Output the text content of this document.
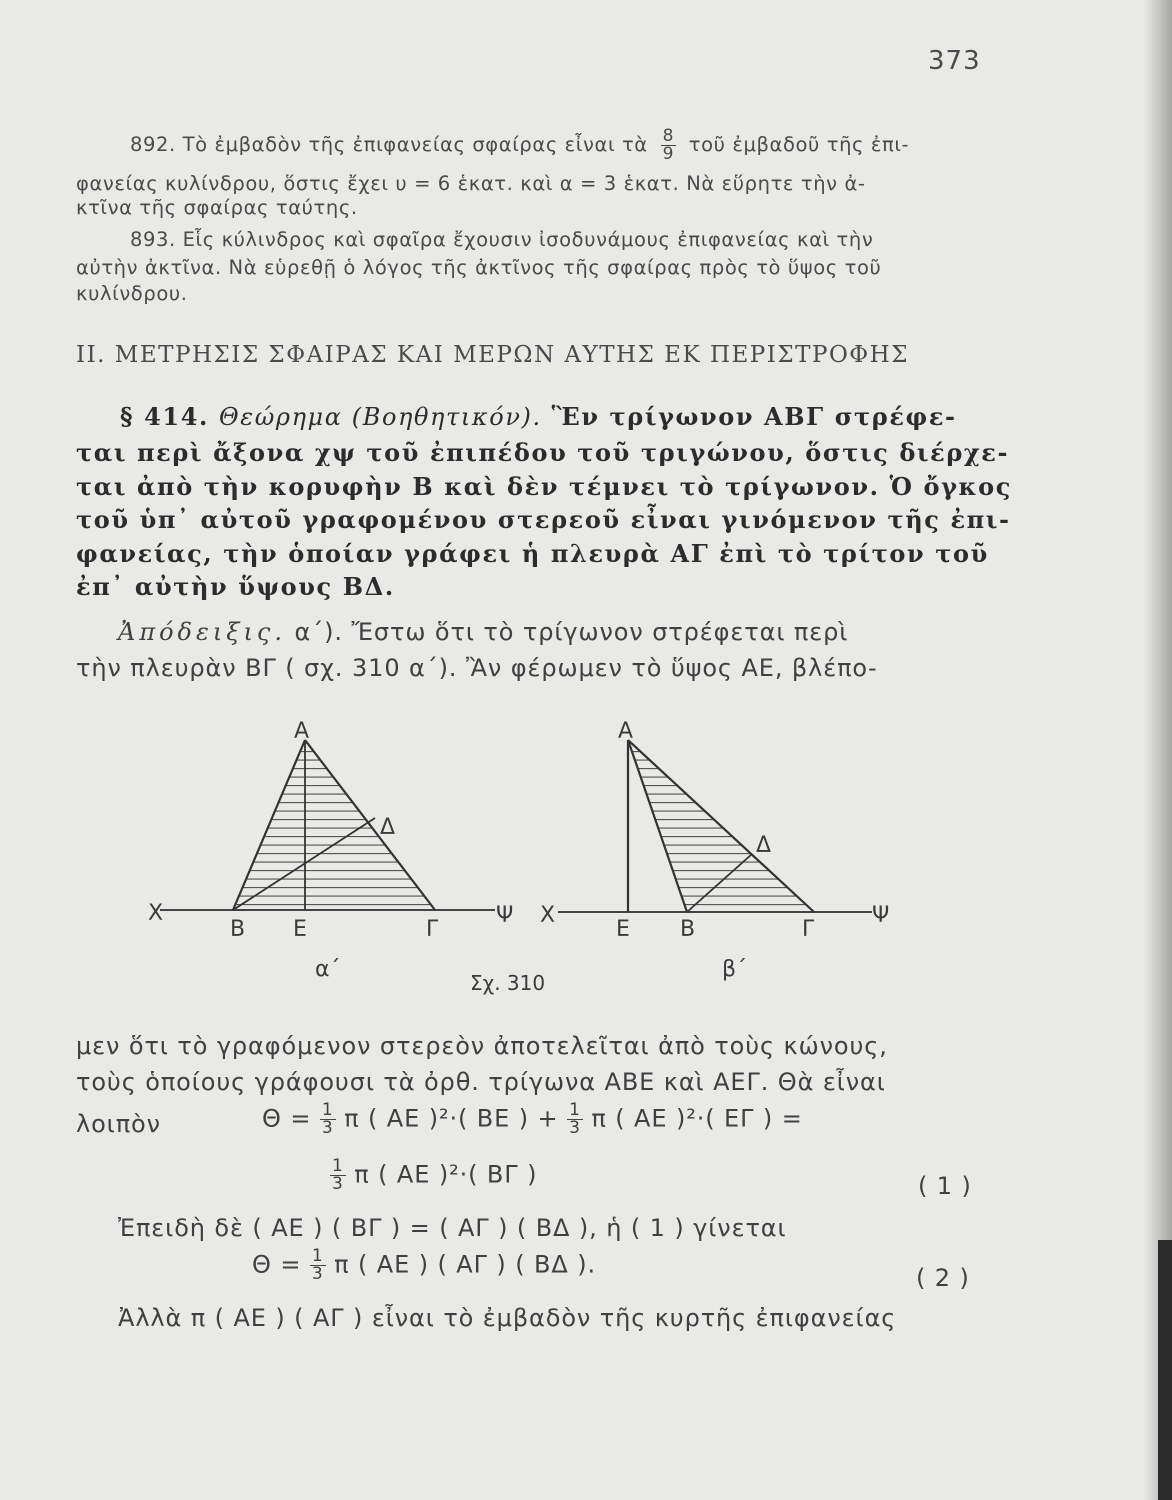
373
892. Τὸ ἐμβαδὸν τῆς ἐπιφανείας σφαίρας εἶναι τὰ $\frac{8}{9}$ τοῦ ἐμβαδοῦ τῆς ἐπι-
φανείας κυλίνδρου, ὅστις ἔχει υ = 6 ἑκατ. καὶ α = 3 ἑκατ. Νὰ εὕρητε τὴν ἀ-
κτῖνα τῆς σφαίρας ταύτης.
893. Εἷς κύλινδρος καὶ σφαῖρα ἔχουσιν ἰσοδυνάμους ἐπιφανείας καὶ τὴν
αὐτὴν ἀκτῖνα. Νὰ εὑρεθῇ ὁ λόγος τῆς ἀκτῖνος τῆς σφαίρας πρὸς τὸ ὕψος τοῦ
κυλίνδρου.
II. ΜΕΤΡΗΣΙΣ ΣΦΑΙΡΑΣ ΚΑΙ ΜΕΡΩΝ ΑΥΤΗΣ ΕΚ ΠΕΡΙΣΤΡΟΦΗΣ
§ 414. Θεώρημα (Βοηθητικόν). Ἓν τρίγωνον ΑΒΓ στρέφε-
ται περὶ ἄξονα χψ τοῦ ἐπιπέδου τοῦ τριγώνου, ὅστις διέρχε-
ται ἀπὸ τὴν κορυφὴν Β καὶ δὲν τέμνει τὸ τρίγωνον. Ὁ ὄγκος
τοῦ ὑπ᾿ αὐτοῦ γραφομένου στερεοῦ εἶναι γινόμενον τῆς ἐπι-
φανείας, τὴν ὁποίαν γράφει ἡ πλευρὰ ΑΓ ἐπὶ τὸ τρίτον τοῦ
ἐπ᾿ αὐτὴν ὕψους ΒΔ.
Ἀπόδειξις. α΄). Ἔστω ὅτι τὸ τρίγωνον στρέφεται περὶ
τὴν πλευρὰν ΒΓ ( σχ. 310 α΄). Ἂν φέρωμεν τὸ ὕψος ΑΕ, βλέπο-
Α
Δ
Χ
Β Ε	Γ
Ψ
α΄
Σχ. 310
Α
Δ
Χ
Ε Β	Γ
Ψ
β΄
μεν ὅτι τὸ γραφόμενον στερεὸν ἀποτελεῖται ἀπὸ τοὺς κώνους,
τοὺς ὁποίους γράφουσι τὰ ὀρθ. τρίγωνα ΑΒΕ καὶ ΑΕΓ. Θὰ εἶναι
λοιπὸν	$\Theta = \frac{1}{3}$ π ( ΑΕ )²·( ΒΕ ) + $\frac{1}{3}$ π ( ΑΕ )²·( ΕΓ ) =
$\frac{1}{3}$ π ( ΑΕ )²·( ΒΓ )	( 1 )
Ἐπειδὴ δὲ ( ΑΕ ) ( ΒΓ ) = ( ΑΓ ) ( ΒΔ ), ἡ ( 1 ) γίνεται
$\Theta = \frac{1}{3}$ π ( ΑΕ ) ( ΑΓ ) ( ΒΔ ).	( 2 )
Ἀλλὰ π ( ΑΕ ) ( ΑΓ ) εἶναι τὸ ἐμβαδὸν τῆς κυρτῆς ἐπιφανείας
